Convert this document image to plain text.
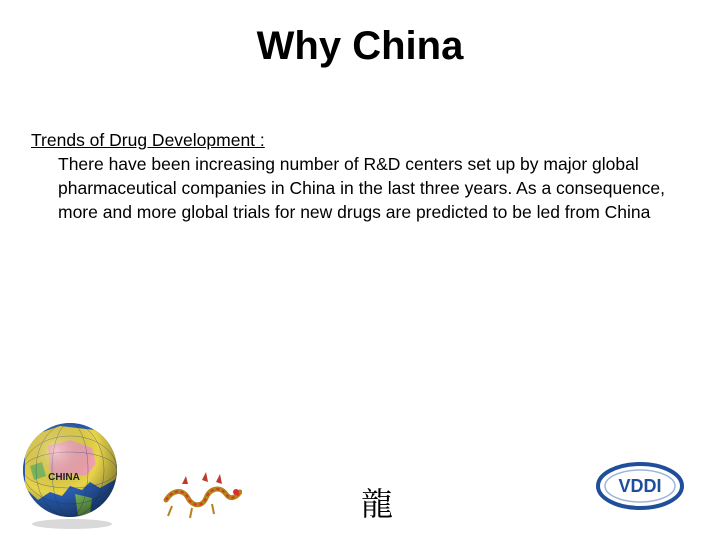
Why China
Trends of Drug Development :
There have been increasing number of R&D centers set up by major global pharmaceutical companies in China in the last three years. As a consequence, more and more global trials for new drugs are predicted to be led from China
CHINA
龍	VDDI
